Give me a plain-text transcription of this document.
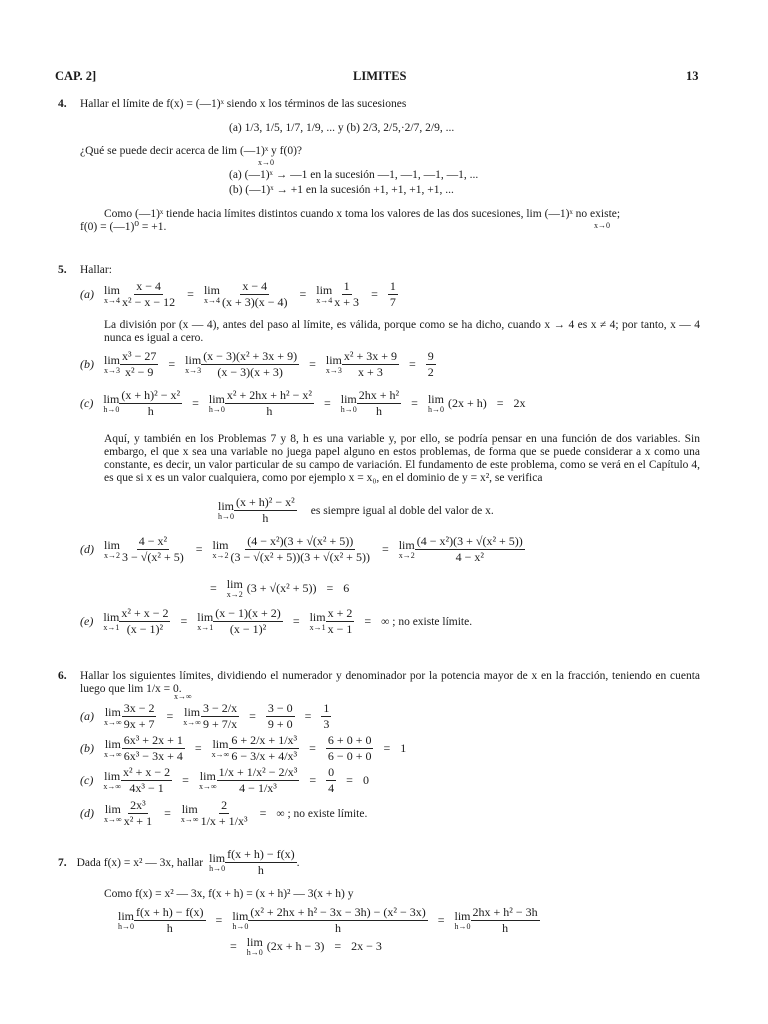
CAP. 2]	LIMITES	13
4. Hallar el límite de f(x) = (—1)ˣ siendo x los términos de las sucesiones
(a) 1/3, 1/5, 1/7, 1/9, ... y (b) 2/3, 2/5,·2/7, 2/9, ...
¿Qué se puede decir acerca de lim (—1)ˣ y f(0)?
x→0
(a) (—1)ˣ → —1 en la sucesión —1, —1, —1, —1, ...
(b) (—1)ˣ → +1 en la sucesión +1, +1, +1, +1, ...
Como (—1)ˣ tiende hacia límites distintos cuando x toma los valores de las dos sucesiones, lim (—1)ˣ no existe;
x→0
f(0) = (—1)⁰ = +1.
5. Hallar:
(a) lim
$x\to 4 \frac{x - 4}{\text{x² − x − 12}} = \lim$
$x\to 4 \frac{x - 4}{(x + 3)(x - 4)} = \lim$
$x\to 4 \frac{1}{x + 3} = \frac{1}{7}$
La división por (x — 4), antes del paso al límite, es válida, porque como se ha dicho, cuando x → 4 es x ≠ 4; por tanto, x — 4 nunca es igual a cero.
(b) lim
$x\to 3 \frac{\text{x³ − 27}}{\text{x² − 9}} = \lim$
$x\to 3 \frac{\text{(x − 3)(x² + 3x + 9)}}{(x - 3)(x + 3)} = \lim$
$x\to 3 \frac{\text{x² + 3x + 9}}{x + 3} = \frac{9}{2}$
(c) lim
$h\to 0 \frac{\text{(x + h)² − x²}}{h} = \lim$
$h\to 0 \frac{\text{x² + 2hx + h² − x²}}{h} = \lim$
$h\to 0 \frac{\text{2hx + h²}}{h} = \lim$
h→0 (2x + h) = 2x
Aquí, y también en los Problemas 7 y 8, h es una variable y, por ello, se podría pensar en una función de dos variables. Sin embargo, el que x sea una variable no juega papel alguno en estos problemas, de forma que se puede considerar a x como una constante, es decir, un valor particular de su campo de variación. El fundamento de este problema, como se verá en el Capítulo 4, es que si x es un valor cualquiera, como por ejemplo x = x₀, en el dominio de y = x², se verifica
lim
$h\to 0 \frac{\text{(x + h)² − x²}}{h}$ es siempre igual al doble del valor de x.
(d) lim
$x\to 2 \frac{\text{4 − x²}}{\text{3 − √(x² + 5)}} = \lim$
$x\to 2 \frac{\text{(4 − x²)(3 + √(x² + 5))}}{\text{(3 − √(x² + 5))(3 + √(x² + 5))}} = \lim$
$x\to 2 \frac{\text{(4 − x²)(3 + √(x² + 5))}}{\text{4 − x²}}$
= lim
x→2 (3 + √(x² + 5)) = 6
(e) lim
$x\to 1 \frac{\text{x² + x − 2}}{\text{(x − 1)²}} = \lim$
$x\to 1 \frac{(x - 1)(x + 2)}{\text{(x − 1)²}} = \lim$
$x\to 1 \frac{x + 2}{x - 1}$ = ∞ ; no existe límite.
6. Hallar los siguientes límites, dividiendo el numerador y denominador por la potencia mayor de x en la fracción, teniendo en cuenta luego que lim 1/x = 0.
x→∞
(a) lim
$x\to\infty \frac{3x - 2}{9x + 7} = \lim$
$x\to\infty \frac{3 - 2/x}{9 + 7/x} = \frac{3 - 0}{9 + 0} = \frac{1}{3}$
(b) lim
$x\to\infty \frac{\text{6x³ + 2x + 1}}{\text{6x³ − 3x + 4}} = \lim$
$x\to\infty \frac{\text{6 + 2/x + 1/x³}}{\text{6 − 3/x + 4/x³}} = \frac{6 + 0 + 0}{6 - 0 + 0} = 1$
(c) lim
$x\to\infty \frac{\text{x² + x − 2}}{\text{4x³ − 1}} = \lim$
$x\to\infty \frac{\text{1/x + 1/x² − 2/x³}}{\text{4 − 1/x³}} = \frac{0}{4} = 0$
(d) lim
$x\to\infty \frac{\text{2x³}}{\text{x² + 1}} = \lim$
$x\to\infty \frac{2}{\text{1/x + 1/x³}}$ = ∞ ; no existe límite.
7. Dada f(x) = x² — 3x, hallar lim
$h\to 0 \frac{f(x + h) - f(x)}{h}$ .
Como f(x) = x² — 3x, f(x + h) = (x + h)² — 3(x + h) y
lim
$h\to 0 \frac{f(x + h) - f(x)}{h} = \lim$
$h\to 0 \frac{\text{(x² + 2hx + h² − 3x − 3h) − (x² − 3x)}}{h} = \lim$
$h\to 0 \frac{\text{2hx + h² − 3h}}{h}$
= lim
h→0 (2x + h − 3) = 2x − 3
